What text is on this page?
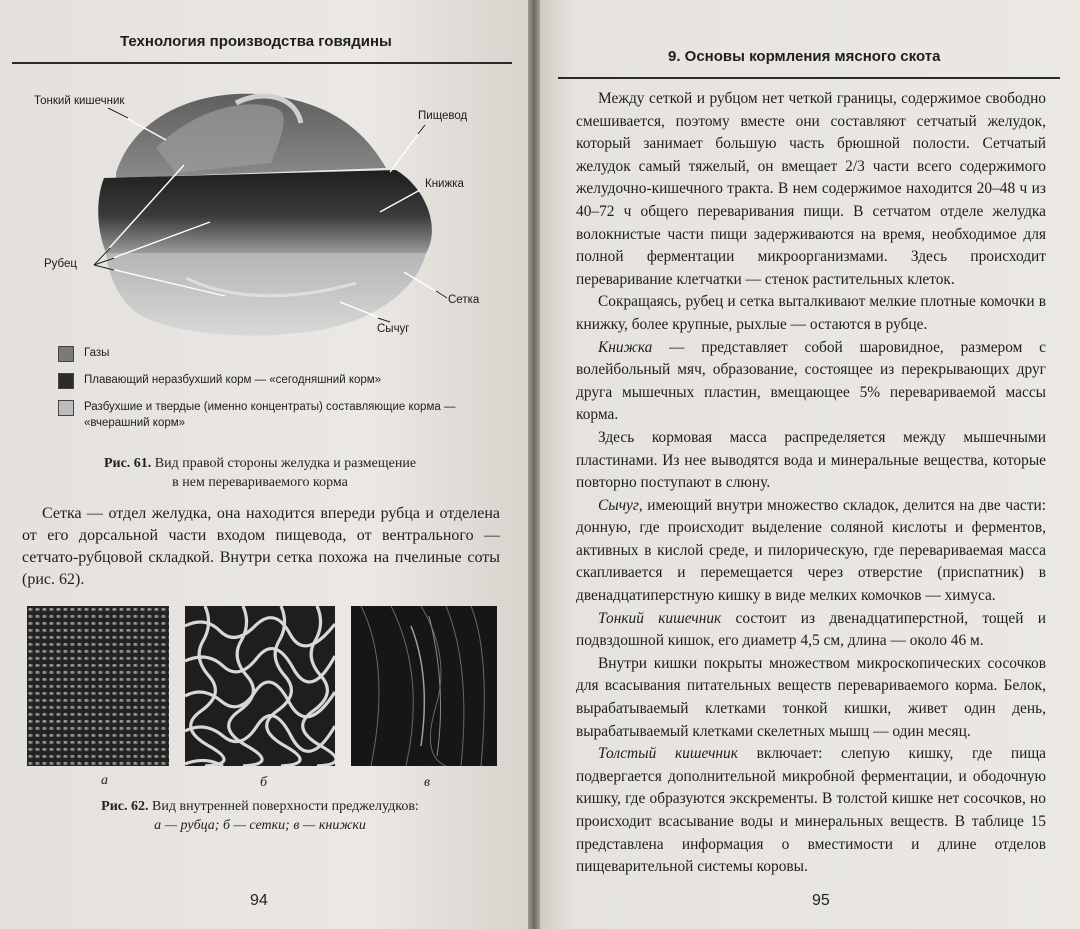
Технология производства говядины
Тонкий кишечник
Пищевод
Книжка
Рубец
Сетка
Сычуг
Газы
Плавающий неразбухший корм — «сегодняшний корм»
Разбухшие и твердые (именно концентраты) составляющие корма — «вчерашний корм»
Рис. 61. Вид правой стороны желудка и размещение
в нем перевариваемого корма

Сетка — отдел желудка, она находится впереди рубца и отделена от его дорсальной части входом пищевода, от вентрального — сетчато-рубцовой складкой. Внутри сетка похожа на пчелиные соты (рис. 62).

а	б	в
Рис. 62. Вид внутренней поверхности преджелудков:
а — рубца; б — сетки; в — книжки
94
9. Основы кормления мясного скота

Между сеткой и рубцом нет четкой границы, содержимое свободно смешивается, поэтому вместе они составляют сетчатый желудок, который занимает большую часть брюшной полости. Сетчатый желудок самый тяжелый, он вмещает 2/3 части всего содержимого желудочно-кишечного тракта. В нем содержимое находится 20–48 ч из 40–72 ч общего переваривания пищи. В сетчатом отделе желудка волокнистые части пищи задерживаются на время, необходимое для полной ферментации микроорганизмами. Здесь происходит переваривание клетчатки — стенок растительных клеток.

Сокращаясь, рубец и сетка выталкивают мелкие плотные комочки в книжку, более крупные, рыхлые — остаются в рубце.

Книжка — представляет собой шаровидное, размером с волейбольный мяч, образование, состоящее из перекрывающих друг друга мышечных пластин, вмещающее 5% перевариваемой массы корма.

Здесь кормовая масса распределяется между мышечными пластинами. Из нее выводятся вода и минеральные вещества, которые повторно поступают в слюну.

Сычуг, имеющий внутри множество складок, делится на две части: донную, где происходит выделение соляной кислоты и ферментов, активных в кислой среде, и пилорическую, где перевариваемая масса скапливается и перемещается через отверстие (приспатник) в двенадцатиперстную кишку в виде мелких комочков — химуса.

Тонкий кишечник состоит из двенадцатиперстной, тощей и подвздошной кишок, его диаметр 4,5 см, длина — около 46 м.

Внутри кишки покрыты множеством микроскопических сосочков для всасывания питательных веществ перевариваемого корма. Белок, вырабатываемый клетками тонкой кишки, живет один день, вырабатываемый клетками скелетных мышц — один месяц.

Толстый кишечник включает: слепую кишку, где пища подвергается дополнительной микробной ферментации, и ободочную кишку, где образуются экскременты. В толстой кишке нет сосочков, но происходит всасывание воды и минеральных веществ. В таблице 15 представлена информация о вместимости и длине отделов пищеварительной системы коровы.

95
